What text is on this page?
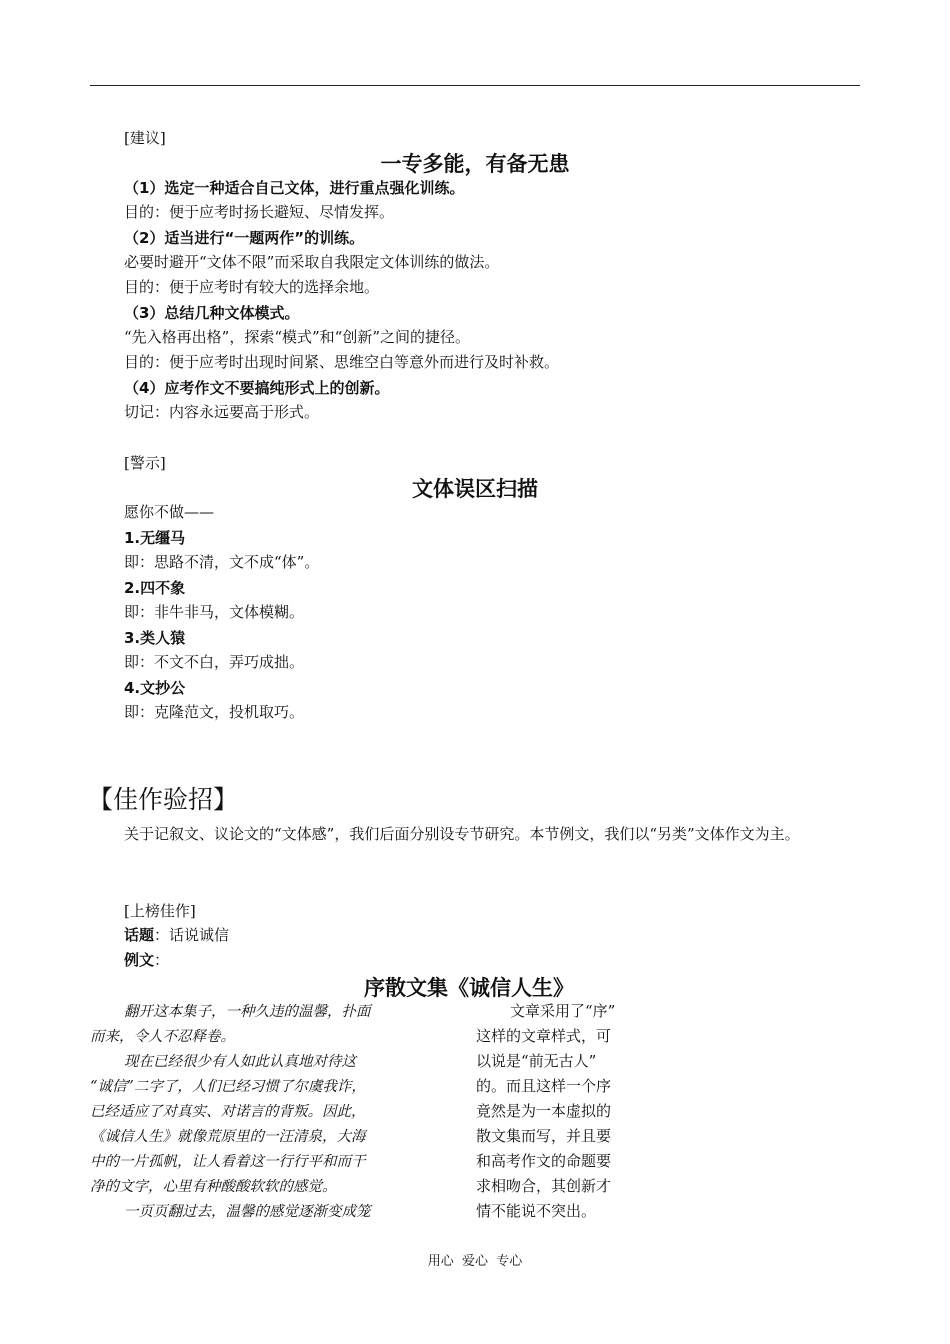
[建议]
一专多能，有备无患
（1）选定一种适合自己文体，进行重点强化训练。
目的：便于应考时扬长避短、尽情发挥。
（2）适当进行“一题两作”的训练。
必要时避开“文体不限”而采取自我限定文体训练的做法。
目的：便于应考时有较大的选择余地。
（3）总结几种文体模式。
“先入格再出格”，探索“模式”和“创新”之间的捷径。
目的：便于应考时出现时间紧、思维空白等意外而进行及时补救。
（4）应考作文不要搞纯形式上的创新。
切记：内容永远要高于形式。
[警示]
文体误区扫描
愿你不做——
1.无缰马
即：思路不清，文不成“体”。
2.四不象
即：非牛非马，文体模糊。
3.类人猿
即：不文不白，弄巧成拙。
4.文抄公
即：克隆范文，投机取巧。
【佳作验招】
关于记叙文、议论文的“文体感”，我们后面分别设专节研究。本节例文，我们以“另类”文体作文为主。
[上榜佳作]
话题：话说诚信
例文：
序散文集《诚信人生》
翻开这本集子，一种久违的温馨，扑面
而来，令人不忍释卷。
现在已经很少有人如此认真地对待这
“诚信”二字了，人们已经习惯了尔虞我诈，
已经适应了对真实、对诺言的背叛。因此，
《诚信人生》就像荒原里的一汪清泉，大海
中的一片孤帆，让人看着这一行行平和而干
净的文字，心里有种酸酸软软的感觉。
一页页翻过去，温馨的感觉逐渐变成笼
文章采用了“序”
这样的文章样式，可
以说是“前无古人”
的。而且这样一个序
竟然是为一本虚拟的
散文集而写，并且要
和高考作文的命题要
求相吻合，其创新才
情不能说不突出。
用心  爱心  专心
